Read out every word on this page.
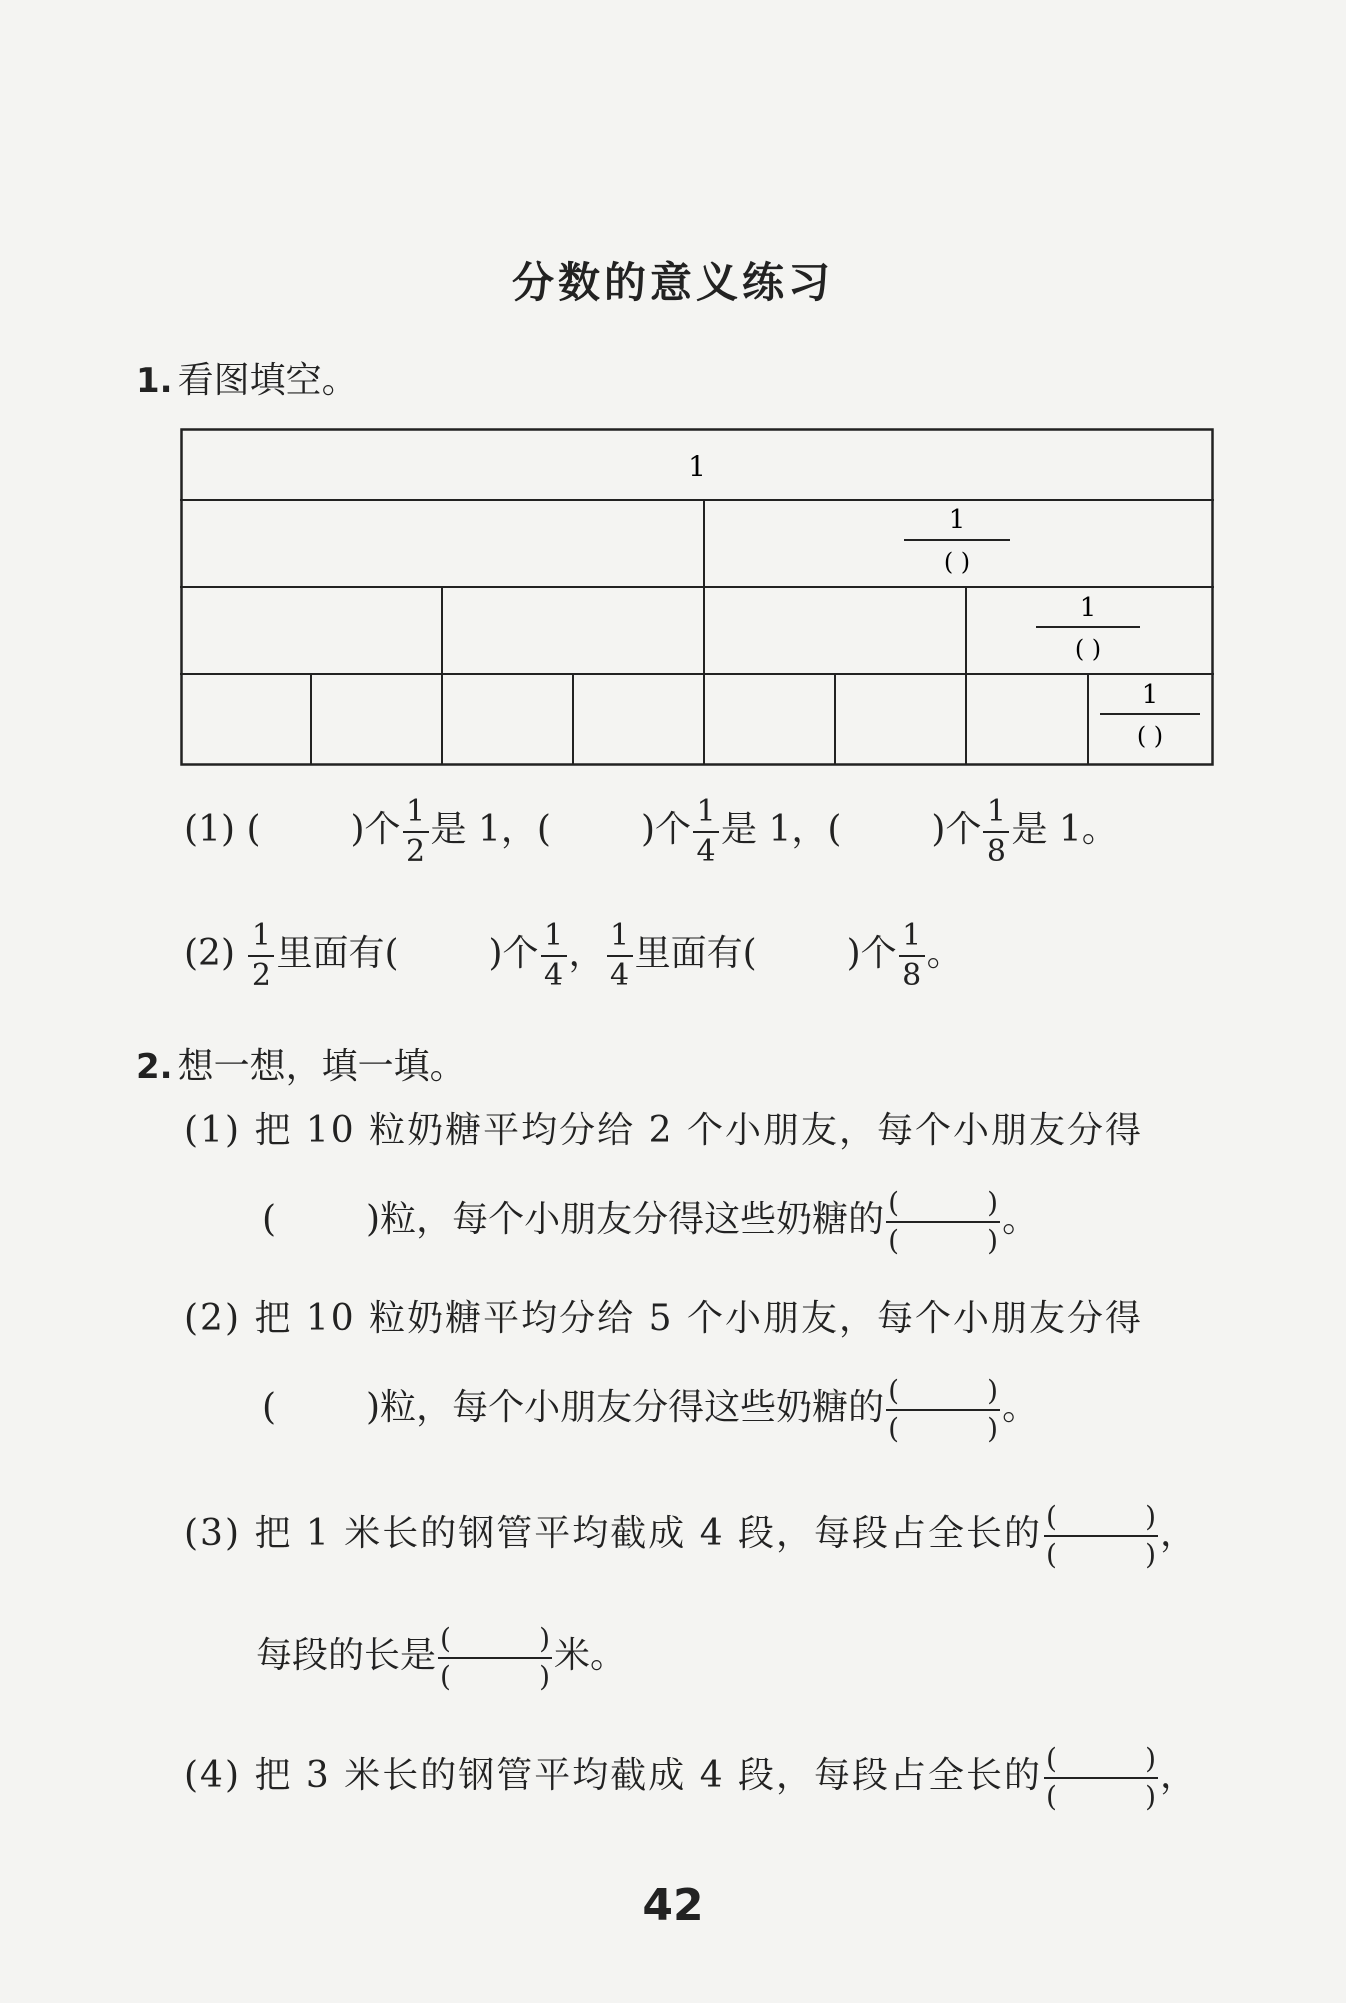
分数的意义练习
1. 看图填空。
1
1
( )
1
( )
1
( )
(1) (	)个 $\frac{1}{2}$ 是 1，(	)个 $\frac{1}{4}$ 是 1，(	)个 $\frac{1}{8}$ 是 1。
$(2) \frac{1}{2}$ 里面有(	)个 $\frac{1}{4}$ ， $\frac{1}{4}$ 里面有(	)个 $\frac{1}{8}$ 。
2. 想一想，填一填。
(1) 把 10 粒奶糖平均分给 2 个小朋友，每个小朋友分得
(	)粒，每个小朋友分得这些奶糖的 (	)
(	) 。
(2) 把 10 粒奶糖平均分给 5 个小朋友，每个小朋友分得
(	)粒，每个小朋友分得这些奶糖的 (	)
(	) 。
(3) 把 1 米长的钢管平均截成 4 段，每段占全长的 (	)
(	) ，
每段的长是 (	)
(	) 米。
(4) 把 3 米长的钢管平均截成 4 段，每段占全长的 (	)
(	) ，
42
